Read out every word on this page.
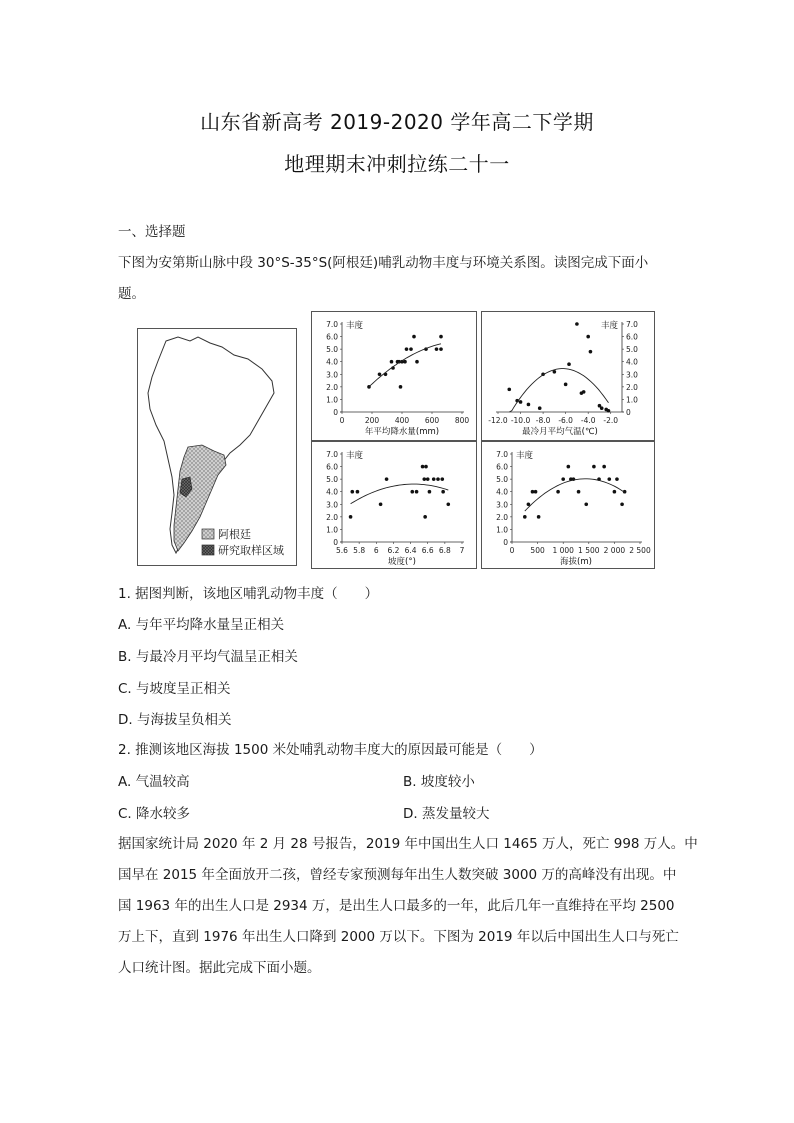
山东省新高考 2019-2020 学年高二下学期
地理期末冲刺拉练二十一
一、选择题
下图为安第斯山脉中段 30°S-35°S(阿根廷)哺乳动物丰度与环境关系图。读图完成下面小
题。
阿根廷
研究取样区域
0
1.0
2.0
3.0
4.0
5.0
6.0
7.0
0	200 400 600 800
丰度
年平均降水量(mm)
0
1.0
2.0
3.0
4.0
5.0
6.0
7.0
-12.0 -10.0 -8.0 -6.0 -4.0 -2.0
丰度
最冷月平均气温(℃)
0
1.0
2.0
3.0
4.0
5.0
6.0
7.0
5.6 5.8 6 6.2 6.4 6.6 6.8 7
丰度
坡度(°)
0
1.0
2.0
3.0
4.0
5.0
6.0
7.0
0 500 1 000 1 500 2 000 2 500
丰度
海拔(m)
1. 据图判断，该地区哺乳动物丰度（　　）
A. 与年平均降水量呈正相关
B. 与最冷月平均气温呈正相关
C. 与坡度呈正相关
D. 与海拔呈负相关
2. 推测该地区海拔 1500 米处哺乳动物丰度大的原因最可能是（　　）
A. 气温较高	B. 坡度较小
C. 降水较多	D. 蒸发量较大
据国家统计局 2020 年 2 月 28 号报告，2019 年中国出生人口 1465 万人，死亡 998 万人。中
国早在 2015 年全面放开二孩，曾经专家预测每年出生人数突破 3000 万的高峰没有出现。中
国 1963 年的出生人口是 2934 万，是出生人口最多的一年，此后几年一直维持在平均 2500
万上下，直到 1976 年出生人口降到 2000 万以下。下图为 2019 年以后中国出生人口与死亡
人口统计图。据此完成下面小题。
